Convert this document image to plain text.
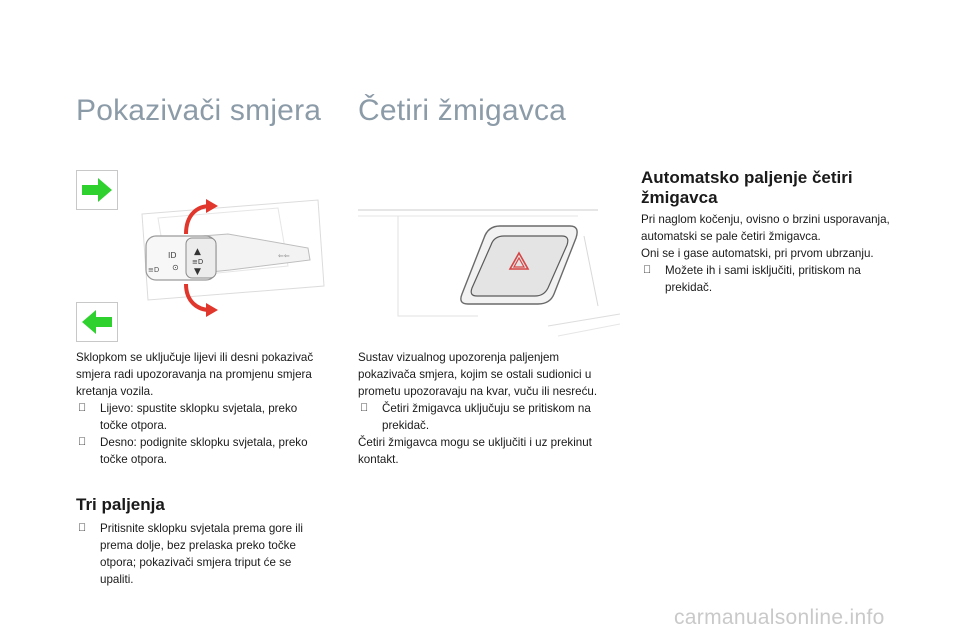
Pokazivači smjera Četiri žmigavca
ID
⊙
▲
≡D
▼
≡D
⇐⇐

Sklopkom se uključuje lijevi ili desni pokazivač smjera radi upozoravanja na promjenu smjera kretanja vozila.

Lijevo: spustite sklopku svjetala, preko točke otpora.
Desno: podignite sklopku svjetala, preko točke otpora.
Tri paljenja
Pritisnite sklopku svjetala prema gore ili prema dolje, bez prelaska preko točke otpora; pokazivači smjera triput će se upaliti.

Sustav vizualnog upozorenja paljenjem pokazivača smjera, kojim se ostali sudionici u prometu upozoravaju na kvar, vuču ili nesreću.

Četiri žmigavca uključuju se pritiskom na prekidač.

Četiri žmigavca mogu se uključiti i uz prekinut kontakt.

Automatsko paljenje četiri žmigavca

Pri naglom kočenju, ovisno o brzini usporavanja, automatski se pale četiri žmigavca.

Oni se i gase automatski, pri prvom ubrzanju.

Možete ih i sami isključiti, pritiskom na prekidač.
carmanualsonline.info
